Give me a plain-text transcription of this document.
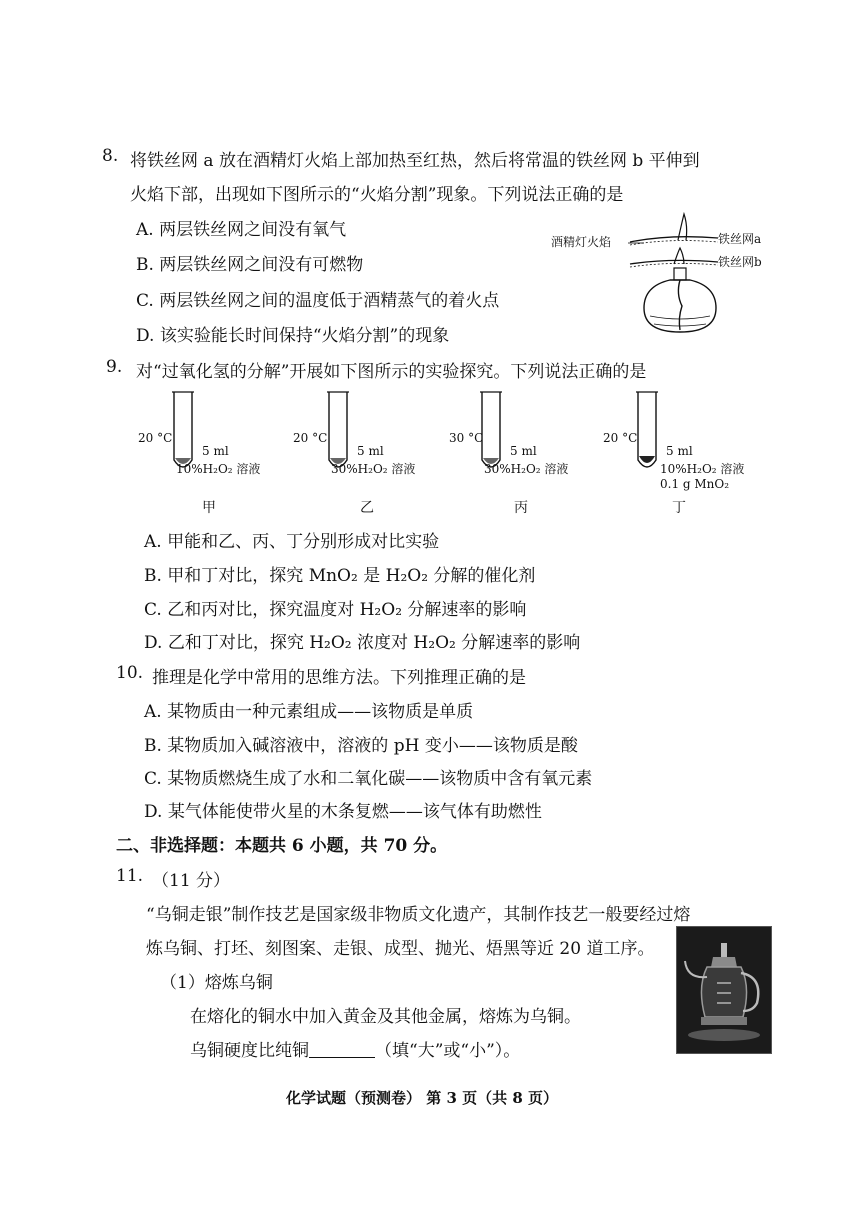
8. 将铁丝网 a 放在酒精灯火焰上部加热至红热，然后将常温的铁丝网 b 平伸到
火焰下部，出现如下图所示的“火焰分割”现象。下列说法正确的是
A. 两层铁丝网之间没有氧气
B. 两层铁丝网之间没有可燃物
C. 两层铁丝网之间的温度低于酒精蒸气的着火点
D. 该实验能长时间保持“火焰分割”的现象
酒精灯火焰	铁丝网a
铁丝网b
9. 对“过氧化氢的分解”开展如下图所示的实验探究。下列说法正确的是
20 °C
5 ml
10%H₂O₂ 溶液
甲
20 °C
5 ml
30%H₂O₂ 溶液
乙
30 °C
5 ml
30%H₂O₂ 溶液
丙
20 °C
5 ml
10%H₂O₂ 溶液
0.1 g MnO₂
丁
A. 甲能和乙、丙、丁分别形成对比实验
B. 甲和丁对比，探究 MnO₂ 是 H₂O₂ 分解的催化剂
C. 乙和丙对比，探究温度对 H₂O₂ 分解速率的影响
D. 乙和丁对比，探究 H₂O₂ 浓度对 H₂O₂ 分解速率的影响
10. 推理是化学中常用的思维方法。下列推理正确的是
A. 某物质由一种元素组成——该物质是单质
B. 某物质加入碱溶液中，溶液的 pH 变小——该物质是酸
C. 某物质燃烧生成了水和二氧化碳——该物质中含有氧元素
D. 某气体能使带火星的木条复燃——该气体有助燃性
二、非选择题：本题共 6 小题，共 70 分。
11. （11 分）
“乌铜走银”制作技艺是国家级非物质文化遗产，其制作技艺一般要经过熔
炼乌铜、打坯、刻图案、走银、成型、抛光、焐黑等近 20 道工序。
（1）熔炼乌铜
在熔化的铜水中加入黄金及其他金属，熔炼为乌铜。
乌铜硬度比纯铜	（填“大”或“小”）。
化学试题（预测卷） 第 3 页（共 8 页）
